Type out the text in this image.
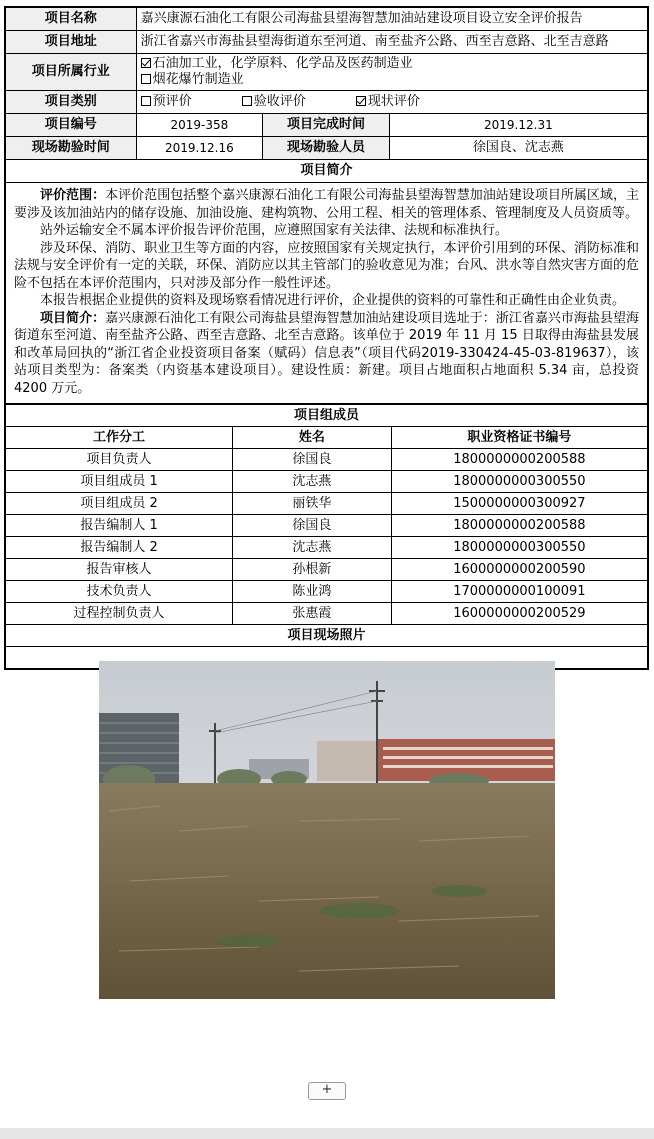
项目名称	嘉兴康源石油化工有限公司海盐县望海智慧加油站建设项目设立安全评价报告		
项目地址	浙江省嘉兴市海盐县望海街道东至河道、南至盐齐公路、西至吉意路、北至吉意路		
项目所属行业	石油加工业，化学原料、化学品及医药制造业
烟花爆竹制造业		

项目类别	预评价 验收评价 现状评价		
项目编号	2019-358	项目完成时间	2019.12.31
现场勘验时间	2019.12.16	现场勘验人员	徐国良、沈志燕
项目简介			

评价范围：本评价范围包括整个嘉兴康源石油化工有限公司海盐县望海智慧加油站建设项目所属区域，主要涉及该加油站内的储存设施、加油设施、建构筑物、公用工程、相关的管理体系、管理制度及人员资质等。

站外运输安全不属本评价报告评价范围，应遵照国家有关法律、法规和标准执行。

涉及环保、消防、职业卫生等方面的内容，应按照国家有关规定执行，本评价引用到的环保、消防标准和法规与安全评价有一定的关联，环保、消防应以其主管部门的验收意见为准；台风、洪水等自然灾害方面的危险不包括在本评价范围内，只对涉及部分作一般性评述。

本报告根据企业提供的资料及现场察看情况进行评价，企业提供的资料的可靠性和正确性由企业负责。

项目简介：嘉兴康源石油化工有限公司海盐县望海智慧加油站建设项目选址于：浙江省嘉兴市海盐县望海街道东至河道、南至盐齐公路、西至吉意路、北至吉意路。该单位于 2019 年 11 月 15 日取得由海盐县发展和改革局回执的“浙江省企业投资项目备案（赋码）信息表”（项目代码2019-330424-45-03-819637），该站项目类型为：备案类（内资基本建设项目）。建设性质：新建。项目占地面积占地面积 5.34 亩，总投资 4200 万元。			

项目组成员		
工作分工	姓名	职业资格证书编号
项目负责人	徐国良	1800000000200588
项目组成员 1	沈志燕	1800000000300550
项目组成员 2	丽铁华	1500000000300927
报告编制人 1	徐国良	1800000000200588
报告编制人 2	沈志燕	1800000000300550
报告审核人	孙根新	1600000000200590
技术负责人	陈业鸿	1700000000100091
过程控制负责人	张惠霞	1600000000200529
项目现场照片		

+
